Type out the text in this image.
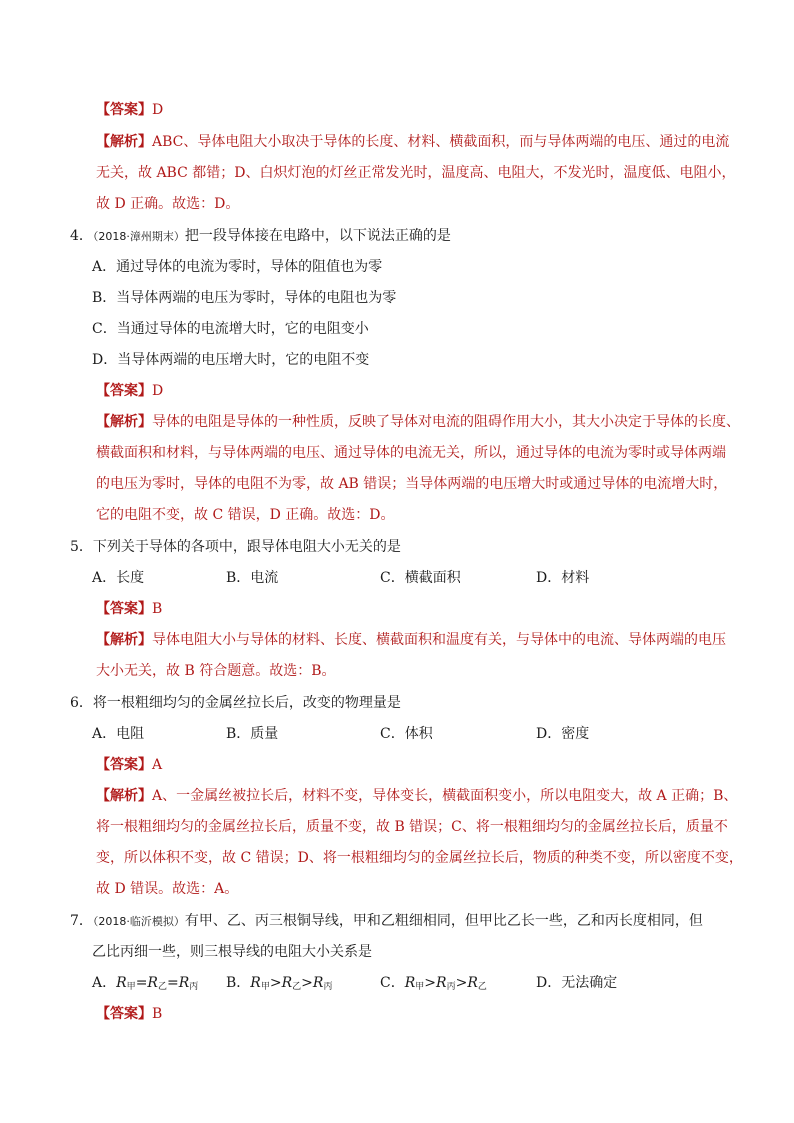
【答案】D
【解析】ABC、导体电阻大小取决于导体的长度、材料、横截面积，而与导体两端的电压、通过的电流
无关，故 ABC 都错；D、白炽灯泡的灯丝正常发光时，温度高、电阻大，不发光时，温度低、电阻小，
故 D 正确。故选：D。
4．（2018·漳州期末）把一段导体接在电路中，以下说法正确的是
A．通过导体的电流为零时，导体的阻值也为零
B．当导体两端的电压为零时，导体的电阻也为零
C．当通过导体的电流增大时，它的电阻变小
D．当导体两端的电压增大时，它的电阻不变
【答案】D
【解析】导体的电阻是导体的一种性质，反映了导体对电流的阻碍作用大小，其大小决定于导体的长度、
横截面积和材料，与导体两端的电压、通过导体的电流无关，所以，通过导体的电流为零时或导体两端
的电压为零时，导体的电阻不为零，故 AB 错误；当导体两端的电压增大时或通过导体的电流增大时，
它的电阻不变，故 C 错误，D 正确。故选：D。
5．下列关于导体的各项中，跟导体电阻大小无关的是
A．长度	B．电流	C．横截面积	D．材料
【答案】B
【解析】导体电阻大小与导体的材料、长度、横截面积和温度有关，与导体中的电流、导体两端的电压
大小无关，故 B 符合题意。故选：B。
6．将一根粗细均匀的金属丝拉长后，改变的物理量是
A．电阻	B．质量	C．体积	D．密度
【答案】A
【解析】A、一金属丝被拉长后，材料不变，导体变长，横截面积变小，所以电阻变大，故 A 正确；B、
将一根粗细均匀的金属丝拉长后，质量不变，故 B 错误；C、将一根粗细均匀的金属丝拉长后，质量不
变，所以体积不变，故 C 错误；D、将一根粗细均匀的金属丝拉长后，物质的种类不变，所以密度不变，
故 D 错误。故选：A。
7．（2018·临沂模拟）有甲、乙、丙三根铜导线，甲和乙粗细相同，但甲比乙长一些，乙和丙长度相同，但
乙比丙细一些，则三根导线的电阻大小关系是
A．$R_甲=R_乙=R_丙$ B．$R_甲>R_乙>R_丙$	C．$R_甲>R_丙>R_乙$	D．无法确定
【答案】B
